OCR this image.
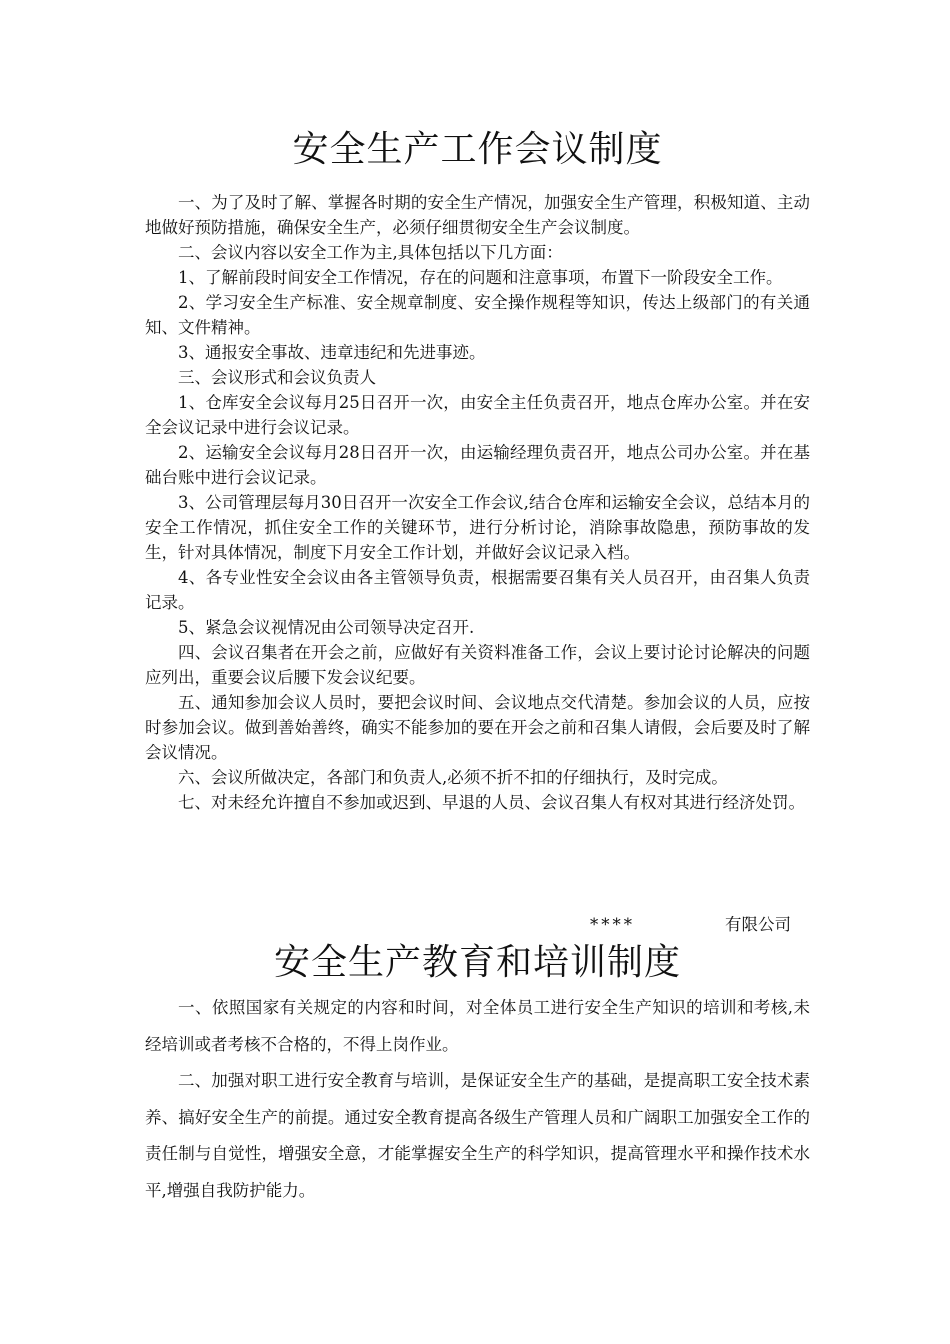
安全生产工作会议制度

一、为了及时了解、掌握各时期的安全生产情况，加强安全生产管理，积极知道、主动地做好预防措施，确保安全生产，必须仔细贯彻安全生产会议制度。

二、会议内容以安全工作为主,具体包括以下几方面：

1、了解前段时间安全工作情况，存在的问题和注意事项，布置下一阶段安全工作。

2、学习安全生产标准、安全规章制度、安全操作规程等知识，传达上级部门的有关通知、文件精神。

3、通报安全事故、违章违纪和先进事迹。

三、会议形式和会议负责人

1、仓库安全会议每月25日召开一次，由安全主任负责召开，地点仓库办公室。并在安全会议记录中进行会议记录。

2、运输安全会议每月28日召开一次，由运输经理负责召开，地点公司办公室。并在基础台账中进行会议记录。

3、公司管理层每月30日召开一次安全工作会议,结合仓库和运输安全会议，总结本月的安全工作情况，抓住安全工作的关键环节，进行分析讨论，消除事故隐患，预防事故的发生，针对具体情况，制度下月安全工作计划，并做好会议记录入档。

4、各专业性安全会议由各主管领导负责，根据需要召集有关人员召开，由召集人负责记录。

5、紧急会议视情况由公司领导决定召开.

四、会议召集者在开会之前，应做好有关资料准备工作，会议上要讨论讨论解决的问题应列出，重要会议后腰下发会议纪要。

五、通知参加会议人员时，要把会议时间、会议地点交代清楚。参加会议的人员，应按时参加会议。做到善始善终，确实不能参加的要在开会之前和召集人请假，会后要及时了解会议情况。

六、会议所做决定，各部门和负责人,必须不折不扣的仔细执行，及时完成。

七、对未经允许擅自不参加或迟到、早退的人员、会议召集人有权对其进行经济处罚。

****	有限公司
安全生产教育和培训制度

一、依照国家有关规定的内容和时间，对全体员工进行安全生产知识的培训和考核,未经培训或者考核不合格的，不得上岗作业。

二、加强对职工进行安全教育与培训，是保证安全生产的基础，是提高职工安全技术素养、搞好安全生产的前提。通过安全教育提高各级生产管理人员和广阔职工加强安全工作的责任制与自觉性，增强安全意，才能掌握安全生产的科学知识，提高管理水平和操作技术水平,增强自我防护能力。
